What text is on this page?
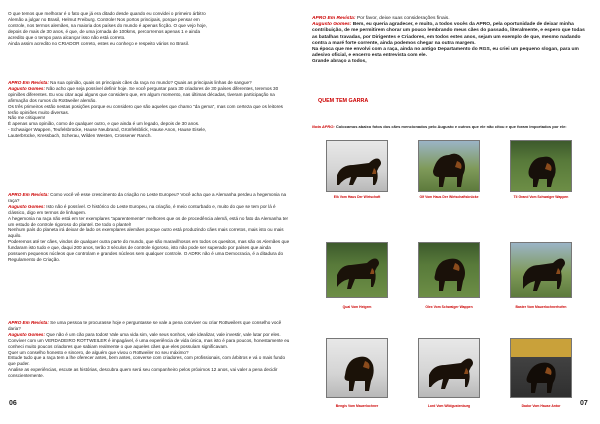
O que temos que melhorar é o fato que já era ditado desde quando eu convidei o primeiro árbitro

Alemão a julgar no Brasil, Helmut Freiburg. Controle! Nos portos principais, porque pensar em

controle, nos termos alemães, na maioria dos países do mundo é apenas ficção. O que vejo hoje,

depois de mais de 30 anos, é que, de uma jornada de 100kms, percorremos apenas 1 e ainda

acredito que o tempo para alcançar isso não está correto.

Ainda assim acredito no CRIADOR correto, estes eu conheço e respeito vários no Brasil.

APRO Em Revista: Na sua opinião, quais os principais cães da raça no mundo? Quais as principais linhas de sangue?

Augusto Gomes: Não acho que seja possível definir hoje. Se você perguntar para 30 criadores de 30 países diferentes, teremos 30 opiniões diferentes. Eu vou citar aqui alguns que considero que, em algum momento, nas últimas décadas, tiveram participação na afirmação dos rumos do Rottweiler alemão.

Os três primeiros estão nestas posições porque eu considero que são aqueles que chamo "da gema", mas com certeza que os leitores terão opiniões muito diversas.

Não me critiquem!

É apenas uma opinião, como de qualquer outro, e que ainda é um legado, depois de 30 anos.

- Schwaiger Wappen, Teufelsbrücke, Hause Neubrand, Grünfelsblick, Hause Anon, Hause Eisele,

Lauterbrücke, Kressbach, Scherau, Wilden Westen, Crossener Ranch.

APRO Em Revista: Como você vê esse crescimento da criação no Leste Europeu? Você acha que a Alemanha perdeu a hegemonia na raça?

Augusto Gomes: Isto não é possível. O histórico do Leste Europeu, na criação, é meio conturbado e, muito do que se tem por lá é clássico, digo em termos de linhagem.

A hegemonia na raça não está em ter exemplares "aparentemente" melhores que os de procedência alemã, está no fato da Alemanha ter um estudo de controle rigoroso do plantel. De todo o plantel!

Nenhum país do planeta irá deixar de lado os exemplares alemães porque outro está produzindo cães mais corretos, mais isto ou mais aquilo.

Poderemos até ter cães, vindos de qualquer outra parte do mundo, que são maravilhosos em todos os quesitos, mas são os Alemães que fundaram isto tudo e que, daqui 200 anos, terão 3 séculos de controle rigoroso, isto não pode ser superado por países que ainda possuem pequenos núcleos que controlam e grandes núcleos sem qualquer controle. O ADRK não é uma Democracia, é a ditadura do Regulamento de Criação.

APRO Em Revista: Se uma pessoa te procurasse hoje e perguntasse se vale a pena conviver ou criar Rottweilers que conselho você daria?

Augusto Gomes: Que não é um cão para todos! Vale uma vida sim, vale seus sonhos, vale idealizar, vale investir, vale lutar por eles. Conviver com um VERDADEIRO ROTTWEILER é impagável, é uma experiência de vida única, mas isto é para poucos, honestamente eu conheci muito poucos criadores que sabiam realmente o que aqueles cães que eles possuíam significavam.

Quer um conselho honesto e sincero, de alguém que vivou o Rottweiler no seu máximo?

Estude tudo que a raça tem a lhe oferecer antes, bem antes, converse com criadores, com profissionais, com árbitros e vá o mais fundo que puder.

Analise as experiências, escute as histórias, descubra quem será seu companheiro pelos próximos 12 anos, vai valer a pena decidir conscientemente.

06

APRO Em Revista: Por favor, deixe suas considerações finais.

Augusto Gomes: Bem, eu queria agradecer, e muito, a todos vocês da APRO, pela oportunidade de deixar minha contribuição, de me permitirem chorar um pouco lembrando meus cães do passado, literalmente, e espero que todas as batalhas travadas, por Dirigentes e Criadores, em todos estes anos, sejam um exemplo de que, mesmo nadando contra a maré forte corrente, ainda podemos chegar na outra margem.

Na época que me envolvi com a raça, ainda no antigo Departamento do RGS, eu criei um pequeno slogan, para um adesivo oficial, e encerro esta entrevista com ele.

Grande abraço a todos,

QUEM TEM GARRA

Nota APRO: Colocamos abaixo fotos dos cães mencionados pelo Augusto e outros que ele não citou e que foram importados por ele:

Elk Vom Haus Der Wirtschaft	Olf Vom Haus Der Wirtschaftsbrücke	Til Grand Vom Schwaiger Wappen
Quai Vom Heigem	Olex Vom Schwaiger Wappen	Baster Vom Mauerlochnerhofen
Bengis Vom Mauerlochner	Lord Vom Wildgustenburg	Dador Vom Hause Antor	07
